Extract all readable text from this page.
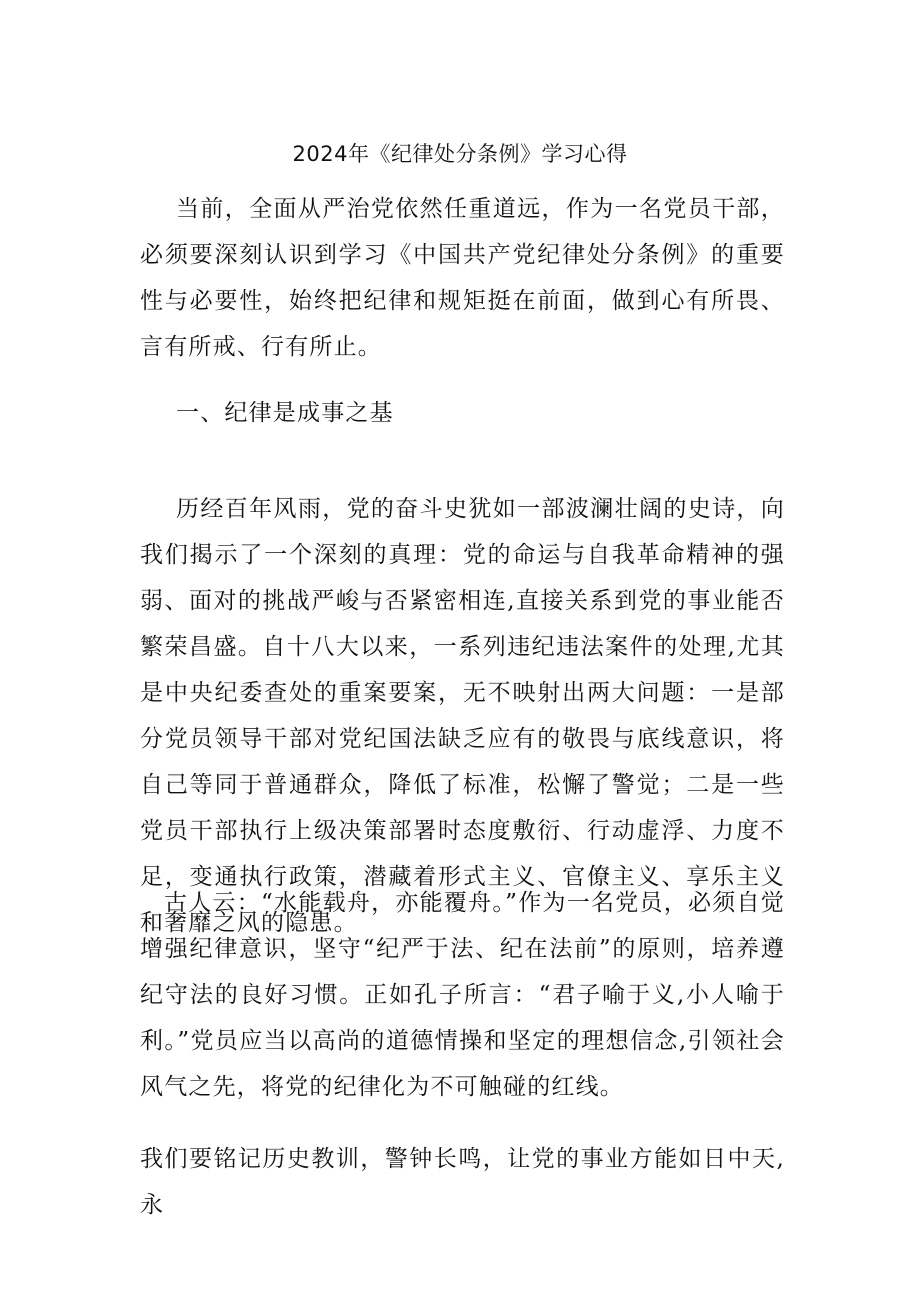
2024年《纪律处分条例》学习心得

当前，全面从严治党依然任重道远，作为一名党员干部，必须要深刻认识到学习《中国共产党纪律处分条例》的重要性与必要性，始终把纪律和规矩挺在前面，做到心有所畏、言有所戒、行有所止。

一、纪律是成事之基

历经百年风雨，党的奋斗史犹如一部波澜壮阔的史诗，向我们揭示了一个深刻的真理：党的命运与自我革命精神的强弱、面对的挑战严峻与否紧密相连,直接关系到党的事业能否繁荣昌盛。自十八大以来，一系列违纪违法案件的处理,尤其是中央纪委查处的重案要案，无不映射出两大问题：一是部分党员领导干部对党纪国法缺乏应有的敬畏与底线意识，将自己等同于普通群众，降低了标准，松懈了警觉；二是一些党员干部执行上级决策部署时态度敷衍、行动虚浮、力度不足，变通执行政策，潜藏着形式主义、官僚主义、享乐主义和奢靡之风的隐患。

古人云：“水能载舟，亦能覆舟。”作为一名党员，必须自觉增强纪律意识，坚守“纪严于法、纪在法前”的原则，培养遵纪守法的良好习惯。正如孔子所言：“君子喻于义,小人喻于利。”党员应当以高尚的道德情操和坚定的理想信念,引领社会风气之先，将党的纪律化为不可触碰的红线。

我们要铭记历史教训，警钟长鸣，让党的事业方能如日中天,永
